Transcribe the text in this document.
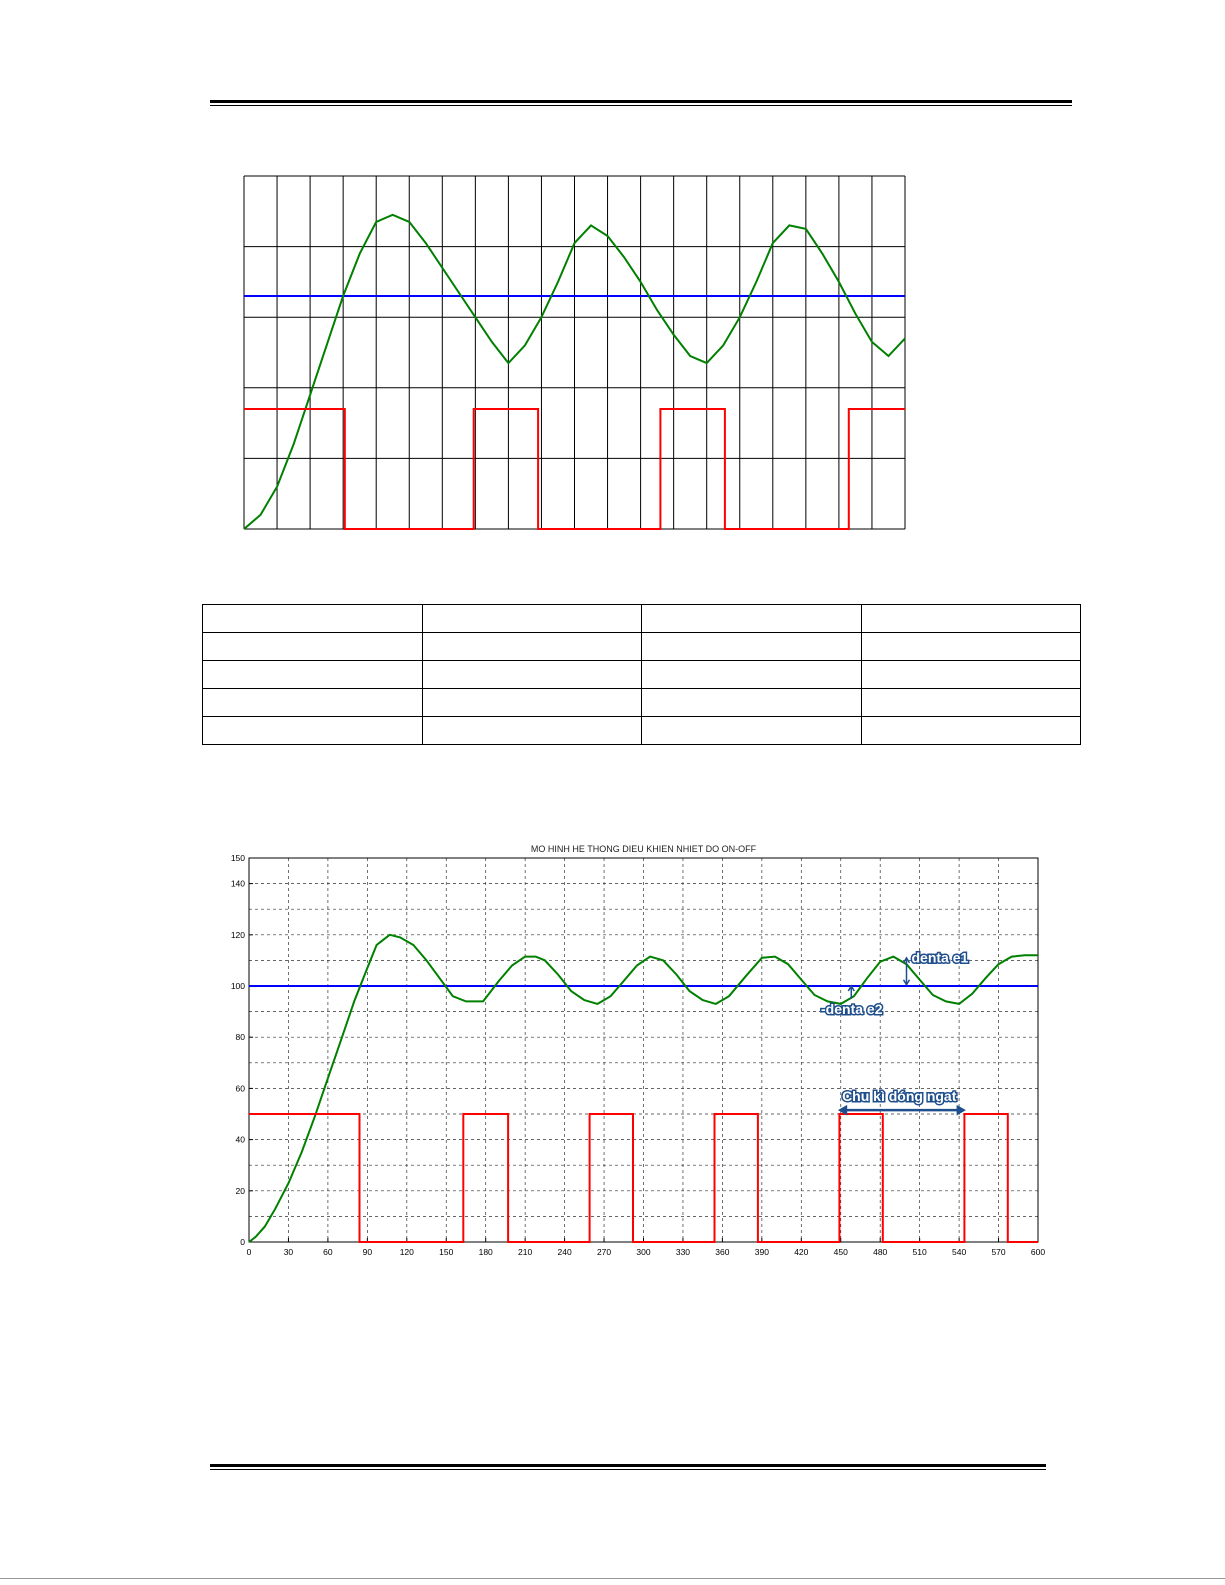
MO HINH HE THONG DIEU KHIEN NHIET DO ON-OFF
0	30	60	90	120	150	180	210	240	270	300	330	360	390	420	450	480	510	540	570	600
0
20
40
60
80
100
120
140
150
denta e1
-denta e2
Chu kì dóng ngat
